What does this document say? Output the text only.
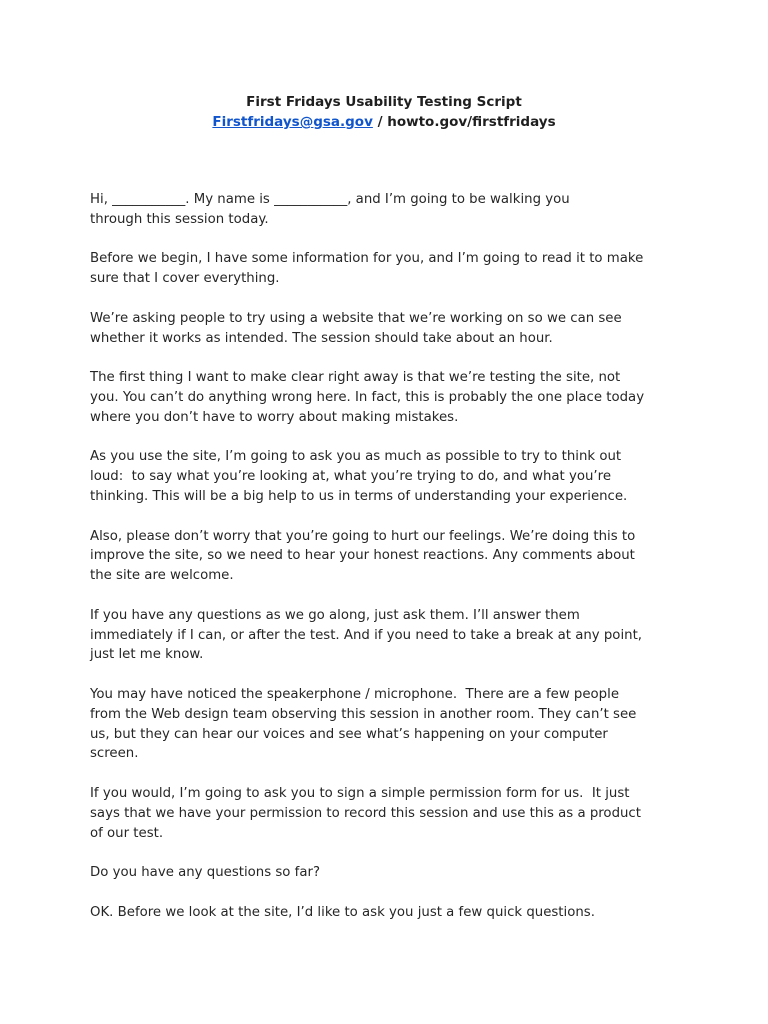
First Fridays Usability Testing Script
Firstfridays@gsa.gov / howto.gov/firstfridays

Hi, ___________. My name is ___________, and I’m going to be walking you
through this session today.

Before we begin, I have some information for you, and I’m going to read it to make
sure that I cover everything.

We’re asking people to try using a website that we’re working on so we can see
whether it works as intended. The session should take about an hour.

The first thing I want to make clear right away is that we’re testing the site, not
you. You can’t do anything wrong here. In fact, this is probably the one place today
where you don’t have to worry about making mistakes.

As you use the site, I’m going to ask you as much as possible to try to think out
loud:  to say what you’re looking at, what you’re trying to do, and what you’re
thinking. This will be a big help to us in terms of understanding your experience.

Also, please don’t worry that you’re going to hurt our feelings. We’re doing this to
improve the site, so we need to hear your honest reactions. Any comments about
the site are welcome.

If you have any questions as we go along, just ask them. I’ll answer them
immediately if I can, or after the test. And if you need to take a break at any point,
just let me know.

You may have noticed the speakerphone / microphone.  There are a few people
from the Web design team observing this session in another room. They can’t see
us, but they can hear our voices and see what’s happening on your computer
screen.

If you would, I’m going to ask you to sign a simple permission form for us.  It just
says that we have your permission to record this session and use this as a product
of our test.

Do you have any questions so far?

OK. Before we look at the site, I’d like to ask you just a few quick questions.
